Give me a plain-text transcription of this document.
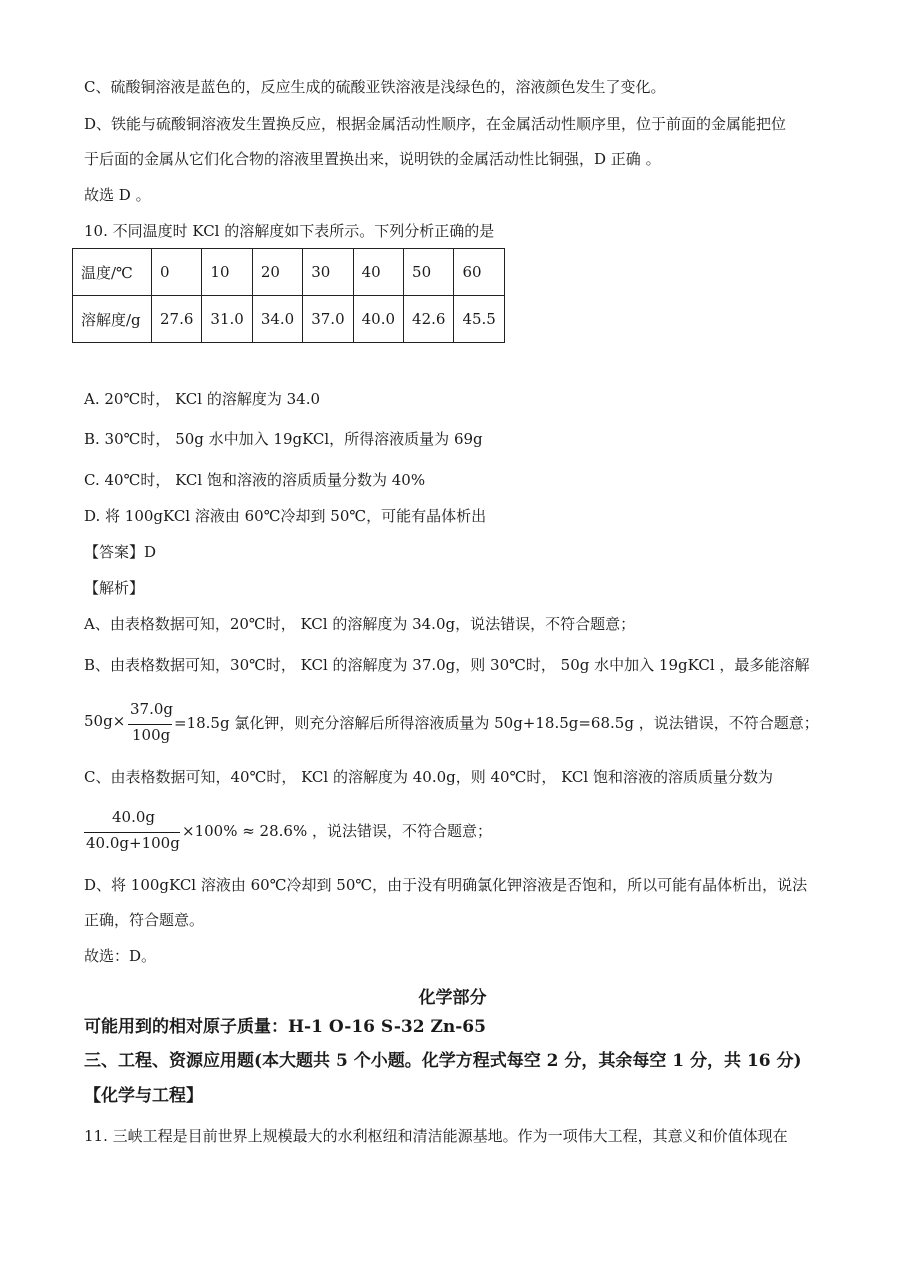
C、硫酸铜溶液是蓝色的，反应生成的硫酸亚铁溶液是浅绿色的，溶液颜色发生了变化。
D、铁能与硫酸铜溶液发生置换反应，根据金属活动性顺序，在金属活动性顺序里，位于前面的金属能把位
于后面的金属从它们化合物的溶液里置换出来，说明铁的金属活动性比铜强，D 正确 。
故选 D 。
10. 不同温度时 KCl 的溶解度如下表所示。下列分析正确的是
温度/℃	0	10	20	30	40	50	60
溶解度/g	27.6	31.0	34.0	37.0	40.0	42.6	45.5
A. 20℃时， KCl 的溶解度为 34.0
B. 30℃时， 50g 水中加入 19gKCl，所得溶液质量为 69g
C. 40℃时， KCl 饱和溶液的溶质质量分数为 40%
D. 将 100gKCl 溶液由 60℃冷却到 50℃，可能有晶体析出
【答案】D
【解析】
A、由表格数据可知，20℃时， KCl 的溶解度为 34.0g，说法错误，不符合题意；
B、由表格数据可知，30℃时， KCl 的溶解度为 37.0g，则 30℃时， 50g 水中加入 19gKCl ，最多能溶解
50g×
37.0g
100g
=18.5g 氯化钾，则充分溶解后所得溶液质量为 50g+18.5g=68.5g ，说法错误，不符合题意；
C、由表格数据可知，40℃时， KCl 的溶解度为 40.0g，则 40℃时， KCl 饱和溶液的溶质质量分数为
40.0g
40.0g+100g
×100% ≈ 28.6% ，说法错误，不符合题意；
D、将 100gKCl 溶液由 60℃冷却到 50℃，由于没有明确氯化钾溶液是否饱和，所以可能有晶体析出，说法
正确，符合题意。
故选：D。
化学部分
可能用到的相对原子质量：H-1 O-16 S-32 Zn-65
三、工程、资源应用题(本大题共 5 个小题。化学方程式每空 2 分，其余每空 1 分，共 16 分)
【化学与工程】
11. 三峡工程是目前世界上规模最大的水利枢纽和清洁能源基地。作为一项伟大工程，其意义和价值体现在
